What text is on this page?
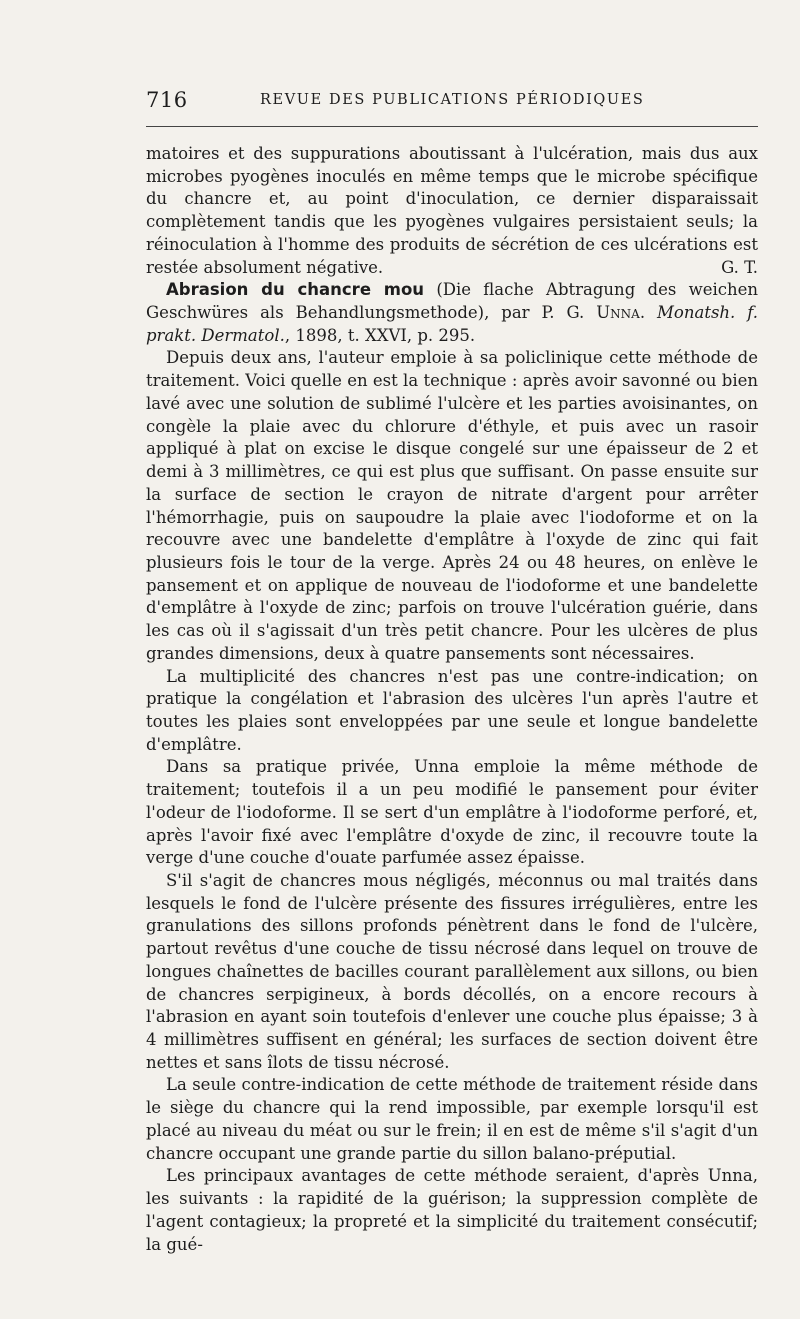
716	REVUE DES PUBLICATIONS PÉRIODIQUES

matoires et des suppurations aboutissant à l'ulcération, mais dus aux microbes pyogènes inoculés en même temps que le microbe spécifique du chancre et, au point d'inoculation, ce dernier disparaissait complètement tandis que les pyogènes vulgaires persistaient seuls; la réinoculation à l'homme des produits de sécrétion de ces ulcérations est restée absolument négative.	G. T.

Abrasion du chancre mou (Die flache Abtragung des weichen Geschwüres als Behandlungsmethode), par P. G. Unna. Monatsh. f. prakt. Dermatol., 1898, t. XXVI, p. 295.

Depuis deux ans, l'auteur emploie à sa policlinique cette méthode de traitement. Voici quelle en est la technique : après avoir savonné ou bien lavé avec une solution de sublimé l'ulcère et les parties avoisinantes, on congèle la plaie avec du chlorure d'éthyle, et puis avec un rasoir appliqué à plat on excise le disque congelé sur une épaisseur de 2 et demi à 3 millimètres, ce qui est plus que suffisant. On passe ensuite sur la surface de section le crayon de nitrate d'argent pour arrêter l'hémorrhagie, puis on saupoudre la plaie avec l'iodoforme et on la recouvre avec une bandelette d'emplâtre à l'oxyde de zinc qui fait plusieurs fois le tour de la verge. Après 24 ou 48 heures, on enlève le pansement et on applique de nouveau de l'iodoforme et une bandelette d'emplâtre à l'oxyde de zinc; parfois on trouve l'ulcération guérie, dans les cas où il s'agissait d'un très petit chancre. Pour les ulcères de plus grandes dimensions, deux à quatre pansements sont nécessaires.

La multiplicité des chancres n'est pas une contre-indication; on pratique la congélation et l'abrasion des ulcères l'un après l'autre et toutes les plaies sont enveloppées par une seule et longue bandelette d'emplâtre.

Dans sa pratique privée, Unna emploie la même méthode de traitement; toutefois il a un peu modifié le pansement pour éviter l'odeur de l'iodoforme. Il se sert d'un emplâtre à l'iodoforme perforé, et, après l'avoir fixé avec l'emplâtre d'oxyde de zinc, il recouvre toute la verge d'une couche d'ouate parfumée assez épaisse.

S'il s'agit de chancres mous négligés, méconnus ou mal traités dans lesquels le fond de l'ulcère présente des fissures irrégulières, entre les granulations des sillons profonds pénètrent dans le fond de l'ulcère, partout revêtus d'une couche de tissu nécrosé dans lequel on trouve de longues chaînettes de bacilles courant parallèlement aux sillons, ou bien de chancres serpigineux, à bords décollés, on a encore recours à l'abrasion en ayant soin toutefois d'enlever une couche plus épaisse; 3 à 4 millimètres suffisent en général; les surfaces de section doivent être nettes et sans îlots de tissu nécrosé.

La seule contre-indication de cette méthode de traitement réside dans le siège du chancre qui la rend impossible, par exemple lorsqu'il est placé au niveau du méat ou sur le frein; il en est de même s'il s'agit d'un chancre occupant une grande partie du sillon balano-préputial.

Les principaux avantages de cette méthode seraient, d'après Unna, les suivants : la rapidité de la guérison; la suppression complète de l'agent contagieux; la propreté et la simplicité du traitement consécutif; la gué-
